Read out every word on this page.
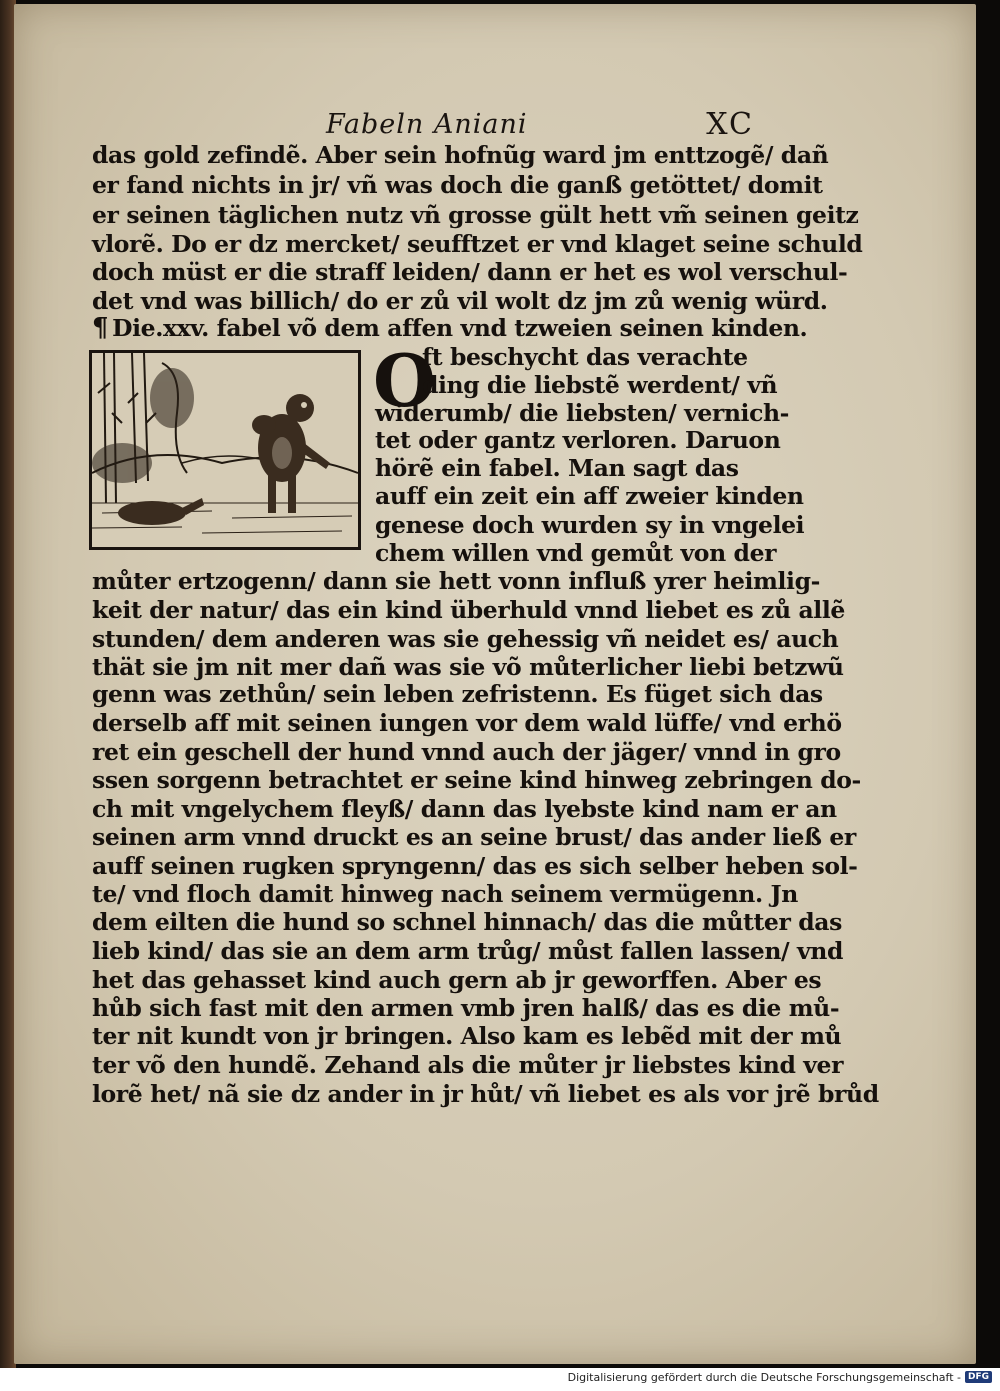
Fabeln Aniani	XC
das gold zefindẽ. Aber sein hofnũg ward jm enttzogẽ/ dañ
er fand nichts in jr/ vñ was doch die ganß getöttet/ domit
er seinen täglichen nutz vñ grosse gült hett vm̃ seinen geitz
vlorẽ. Do er dz mercket/ seufftzet er vnd klaget seine schuld
doch müst er die straff leiden/ dann er het es wol verschul‑
det vnd was billich/ do er zů vil wolt dz jm zů wenig würd.
¶ Die.xxv. fabel võ dem affen vnd tzweien seinen kinden.
O
ft beschycht das verachte
ding die liebstẽ werdent/ vñ
widerumb/ die liebsten/ vernich‑
tet oder gantz verloren. Daruon
hörẽ ein fabel. Man sagt das
auff ein zeit ein aff zweier kinden
genese doch wurden sy in vngelei
chem willen vnd gemůt von der
můter ertzogenn/ dann sie hett vonn influß yrer heimlig‑
keit der natur/ das ein kind überhuld vnnd liebet es zů allẽ
stunden/ dem anderen was sie gehessig vñ neidet es/ auch
thät sie jm nit mer dañ was sie võ můterlicher liebi betzwũ
genn was zethůn/ sein leben zefristenn. Es füget sich das
derselb aff mit seinen iungen vor dem wald lüffe/ vnd erhö
ret ein geschell der hund vnnd auch der jäger/ vnnd in gro
ssen sorgenn betrachtet er seine kind hinweg zebringen do‑
ch mit vngelychem fleyß/ dann das lyebste kind nam er an
seinen arm vnnd druckt es an seine brust/ das ander ließ er
auff seinen rugken spryngenn/ das es sich selber heben sol‑
te/ vnd floch damit hinweg nach seinem vermügenn. Jn
dem eilten die hund so schnel hinnach/ das die můtter das
lieb kind/ das sie an dem arm trůg/ můst fallen lassen/ vnd
het das gehasset kind auch gern ab jr geworffen. Aber es
hůb sich fast mit den armen vmb jren halß/ das es die mů‑
ter nit kundt von jr bringen. Also kam es lebẽd mit der mů
ter võ den hundẽ. Zehand als die můter jr liebstes kind ver
lorẽ het/ nã sie dz ander in jr hůt/ vñ liebet es als vor jrẽ brůd
Digitalisierung gefördert durch die Deutsche Forschungsgemeinschaft - DFG
